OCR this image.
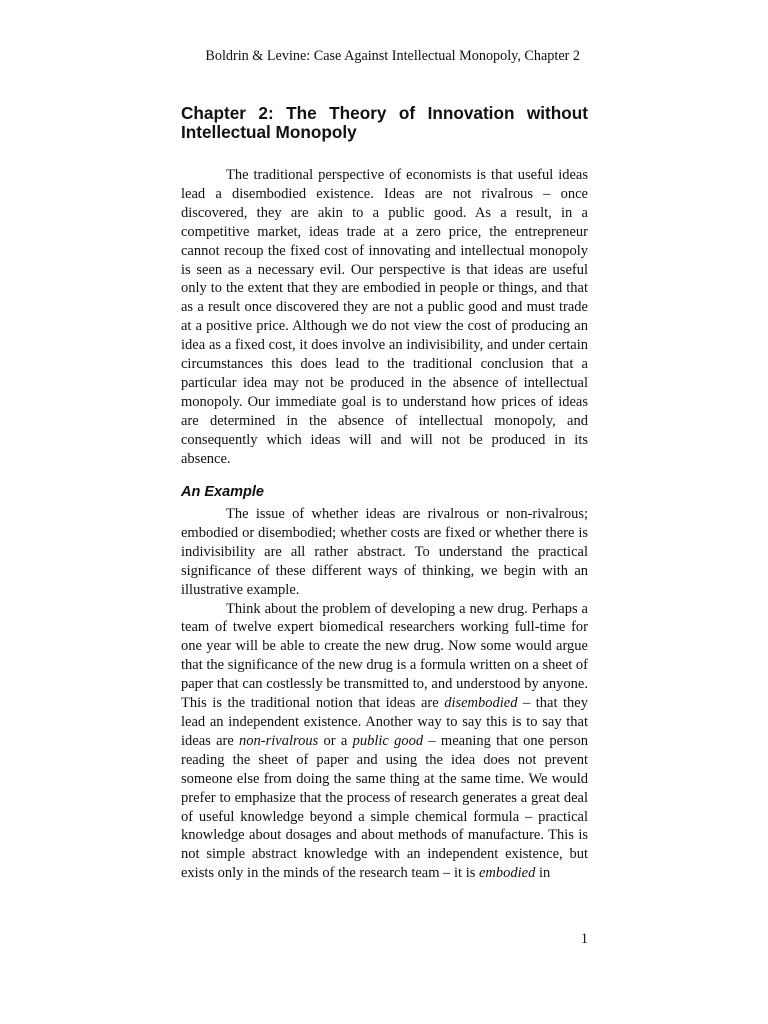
Boldrin & Levine: Case Against Intellectual Monopoly, Chapter 2
Chapter 2: The Theory of Innovation without Intellectual Monopoly

The traditional perspective of economists is that useful ideas lead a disembodied existence. Ideas are not rivalrous – once discovered, they are akin to a public good. As a result, in a competitive market, ideas trade at a zero price, the entrepreneur cannot recoup the fixed cost of innovating and intellectual monopoly is seen as a necessary evil. Our perspective is that ideas are useful only to the extent that they are embodied in people or things, and that as a result once discovered they are not a public good and must trade at a positive price. Although we do not view the cost of producing an idea as a fixed cost, it does involve an indivisibility, and under certain circumstances this does lead to the traditional conclusion that a particular idea may not be produced in the absence of intellectual monopoly. Our immediate goal is to understand how prices of ideas are determined in the absence of intellectual monopoly, and consequently which ideas will and will not be produced in its absence.

An Example

The issue of whether ideas are rivalrous or non-rivalrous; embodied or disembodied; whether costs are fixed or whether there is indivisibility are all rather abstract. To understand the practical significance of these different ways of thinking, we begin with an illustrative example.

Think about the problem of developing a new drug. Perhaps a team of twelve expert biomedical researchers working full-time for one year will be able to create the new drug. Now some would argue that the significance of the new drug is a formula written on a sheet of paper that can costlessly be transmitted to, and understood by anyone. This is the traditional notion that ideas are disembodied – that they lead an independent existence. Another way to say this is to say that ideas are non-rivalrous or a public good – meaning that one person reading the sheet of paper and using the idea does not prevent someone else from doing the same thing at the same time. We would prefer to emphasize that the process of research generates a great deal of useful knowledge beyond a simple chemical formula – practical knowledge about dosages and about methods of manufacture. This is not simple abstract knowledge with an independent existence, but exists only in the minds of the research team – it is embodied in

1
